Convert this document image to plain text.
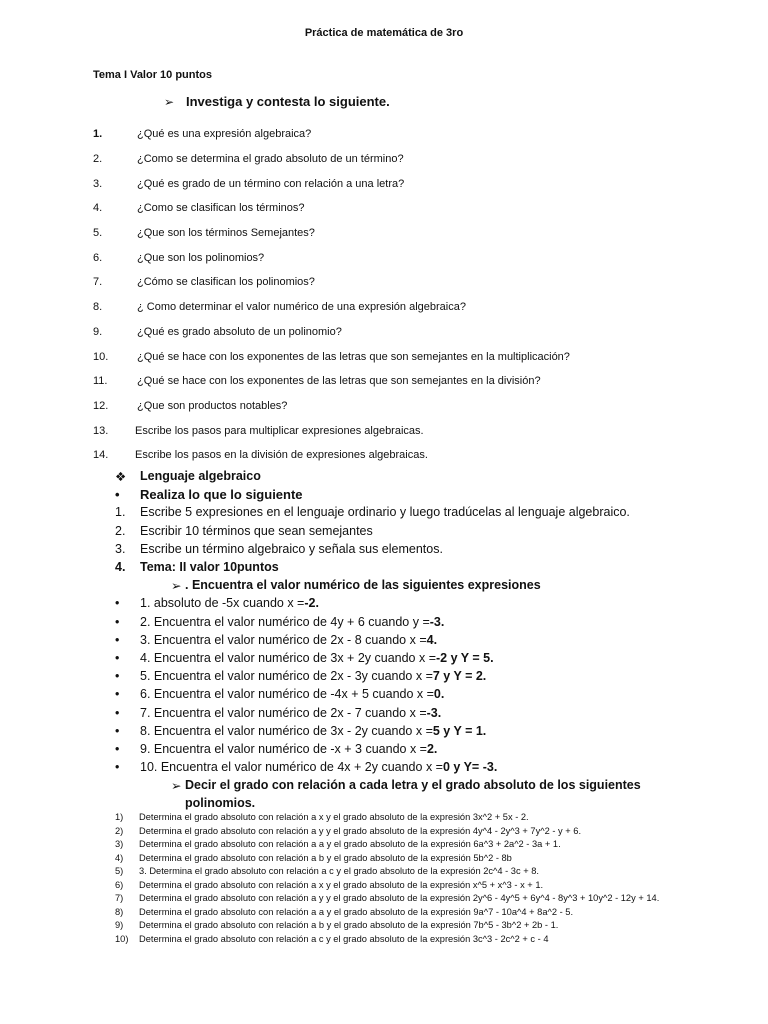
Práctica de matemática de 3ro
Tema I Valor 10 puntos
➢ Investiga y contesta lo siguiente.
1.	¿Qué es una expresión algebraica?
2.	¿Como se determina el grado absoluto de un término?
3.	¿Qué es grado de un término con relación a una letra?
4.	¿Como se clasifican los términos?
5.	¿Que son los términos Semejantes?
6.	¿Que son los polinomios?
7.	¿Cómo se clasifican los polinomios?
8.	¿ Como determinar el valor numérico de una expresión algebraica?
9.	¿Qué es grado absoluto de un polinomio?
10.	¿Qué se hace con los exponentes de las letras que son semejantes en la multiplicación?
11.	¿Qué se hace con los exponentes de las letras que son semejantes en la división?
12.	¿Que son productos notables?
13.	Escribe los pasos para multiplicar expresiones algebraicas.
14.	Escribe los pasos en la división de expresiones algebraicas.
❖	Lenguaje algebraico
•	Realiza lo que lo siguiente
1.	Escribe 5 expresiones en el lenguaje ordinario y luego tradúcelas al lenguaje algebraico.
2.	Escribir 10 términos que sean semejantes
3.	Escribe un término algebraico y señala sus elementos.
4.	Tema: II valor 10puntos
➢ . Encuentra el valor numérico de las siguientes expresiones
•	1. absoluto de -5x cuando x = -2.
•	2. Encuentra el valor numérico de 4y + 6 cuando y = -3.
•	3. Encuentra el valor numérico de 2x - 8 cuando x = 4.
•	4. Encuentra el valor numérico de 3x + 2y cuando x = -2 y Y = 5.
•	5. Encuentra el valor numérico de 2x - 3y cuando x = 7 y Y = 2.
•	6. Encuentra el valor numérico de -4x + 5 cuando x = 0.
•	7. Encuentra el valor numérico de 2x - 7 cuando x = -3.
•	8. Encuentra el valor numérico de 3x - 2y cuando x = 5 y Y = 1.
•	9. Encuentra el valor numérico de -x + 3 cuando x = 2.
•	10. Encuentra el valor numérico de 4x + 2y cuando x = 0 y Y= -3.
➢ Decir el grado con relación a cada letra y el grado absoluto de los siguientes
polinomios.
1)	Determina el grado absoluto con relación a x y el grado absoluto de la expresión 3x^2 + 5x - 2.
2)	Determina el grado absoluto con relación a y y el grado absoluto de la expresión 4y^4 - 2y^3 + 7y^2 - y + 6.
3)	Determina el grado absoluto con relación a a y el grado absoluto de la expresión 6a^3 + 2a^2 - 3a + 1.
4)	Determina el grado absoluto con relación a b y el grado absoluto de la expresión 5b^2 - 8b
5)	3. Determina el grado absoluto con relación a c y el grado absoluto de la expresión 2c^4 - 3c + 8.
6)	Determina el grado absoluto con relación a x y el grado absoluto de la expresión x^5 + x^3 - x + 1.
7)	Determina el grado absoluto con relación a y y el grado absoluto de la expresión 2y^6 - 4y^5 + 6y^4 - 8y^3 + 10y^2 - 12y + 14.
8)	Determina el grado absoluto con relación a a y el grado absoluto de la expresión 9a^7 - 10a^4 + 8a^2 - 5.
9)	Determina el grado absoluto con relación a b y el grado absoluto de la expresión 7b^5 - 3b^2 + 2b - 1.
10)	Determina el grado absoluto con relación a c y el grado absoluto de la expresión 3c^3 - 2c^2 + c - 4
